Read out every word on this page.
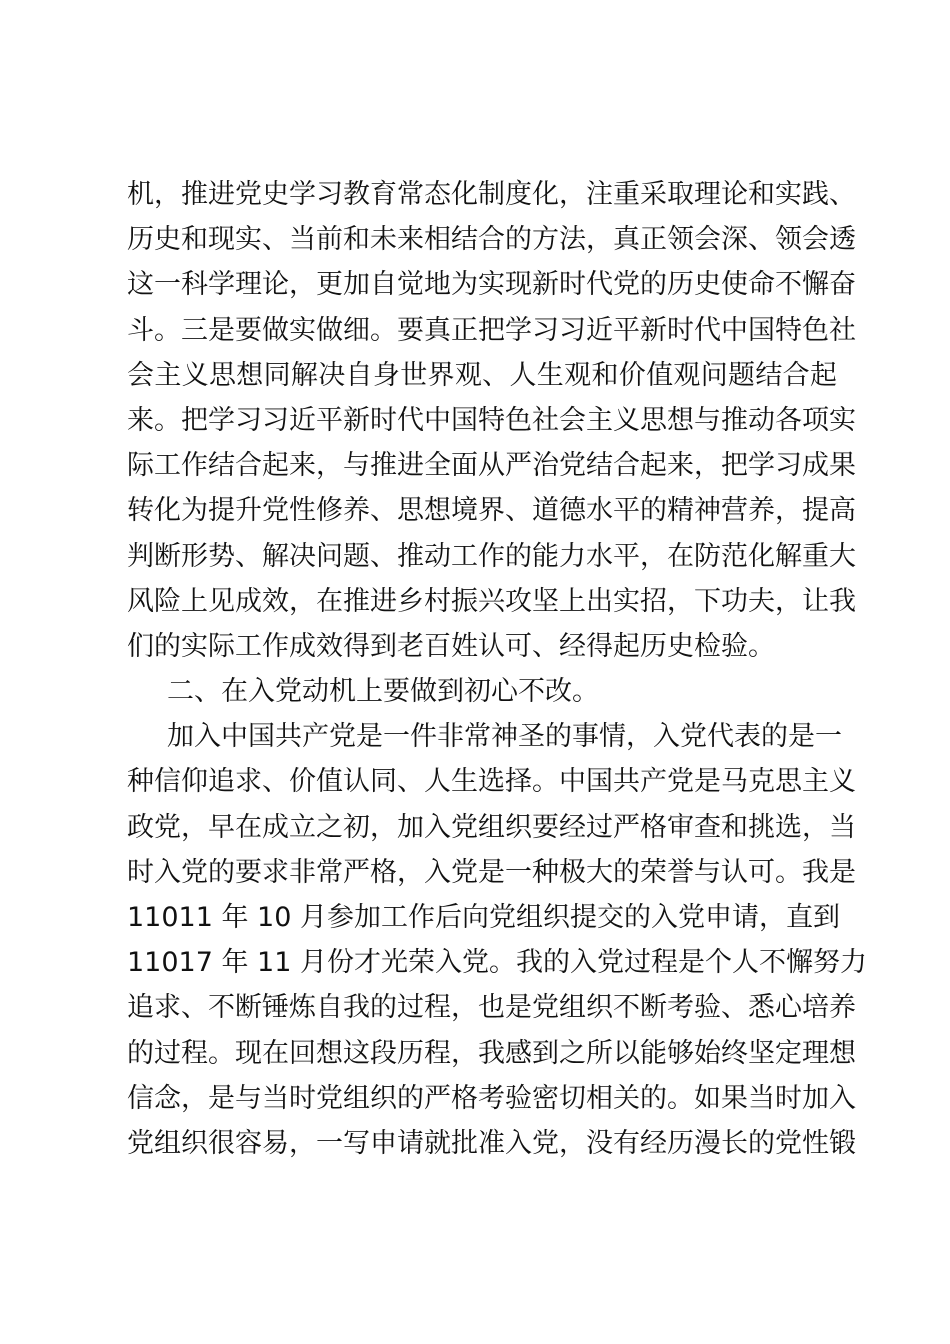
机，推进党史学习教育常态化制度化，注重采取理论和实践、
历史和现实、当前和未来相结合的方法，真正领会深、领会透
这一科学理论，更加自觉地为实现新时代党的历史使命不懈奋
斗。三是要做实做细。要真正把学习习近平新时代中国特色社
会主义思想同解决自身世界观、人生观和价值观问题结合起
来。把学习习近平新时代中国特色社会主义思想与推动各项实
际工作结合起来，与推进全面从严治党结合起来，把学习成果
转化为提升党性修养、思想境界、道德水平的精神营养，提高
判断形势、解决问题、推动工作的能力水平，在防范化解重大
风险上见成效，在推进乡村振兴攻坚上出实招，下功夫，让我
们的实际工作成效得到老百姓认可、经得起历史检验。
二、在入党动机上要做到初心不改。
加入中国共产党是一件非常神圣的事情，入党代表的是一
种信仰追求、价值认同、人生选择。中国共产党是马克思主义
政党，早在成立之初，加入党组织要经过严格审查和挑选，当
时入党的要求非常严格，入党是一种极大的荣誉与认可。我是
11011 年 10 月参加工作后向党组织提交的入党申请，直到
11017 年 11 月份才光荣入党。我的入党过程是个人不懈努力
追求、不断锤炼自我的过程，也是党组织不断考验、悉心培养
的过程。现在回想这段历程，我感到之所以能够始终坚定理想
信念，是与当时党组织的严格考验密切相关的。如果当时加入
党组织很容易，一写申请就批准入党，没有经历漫长的党性锻
